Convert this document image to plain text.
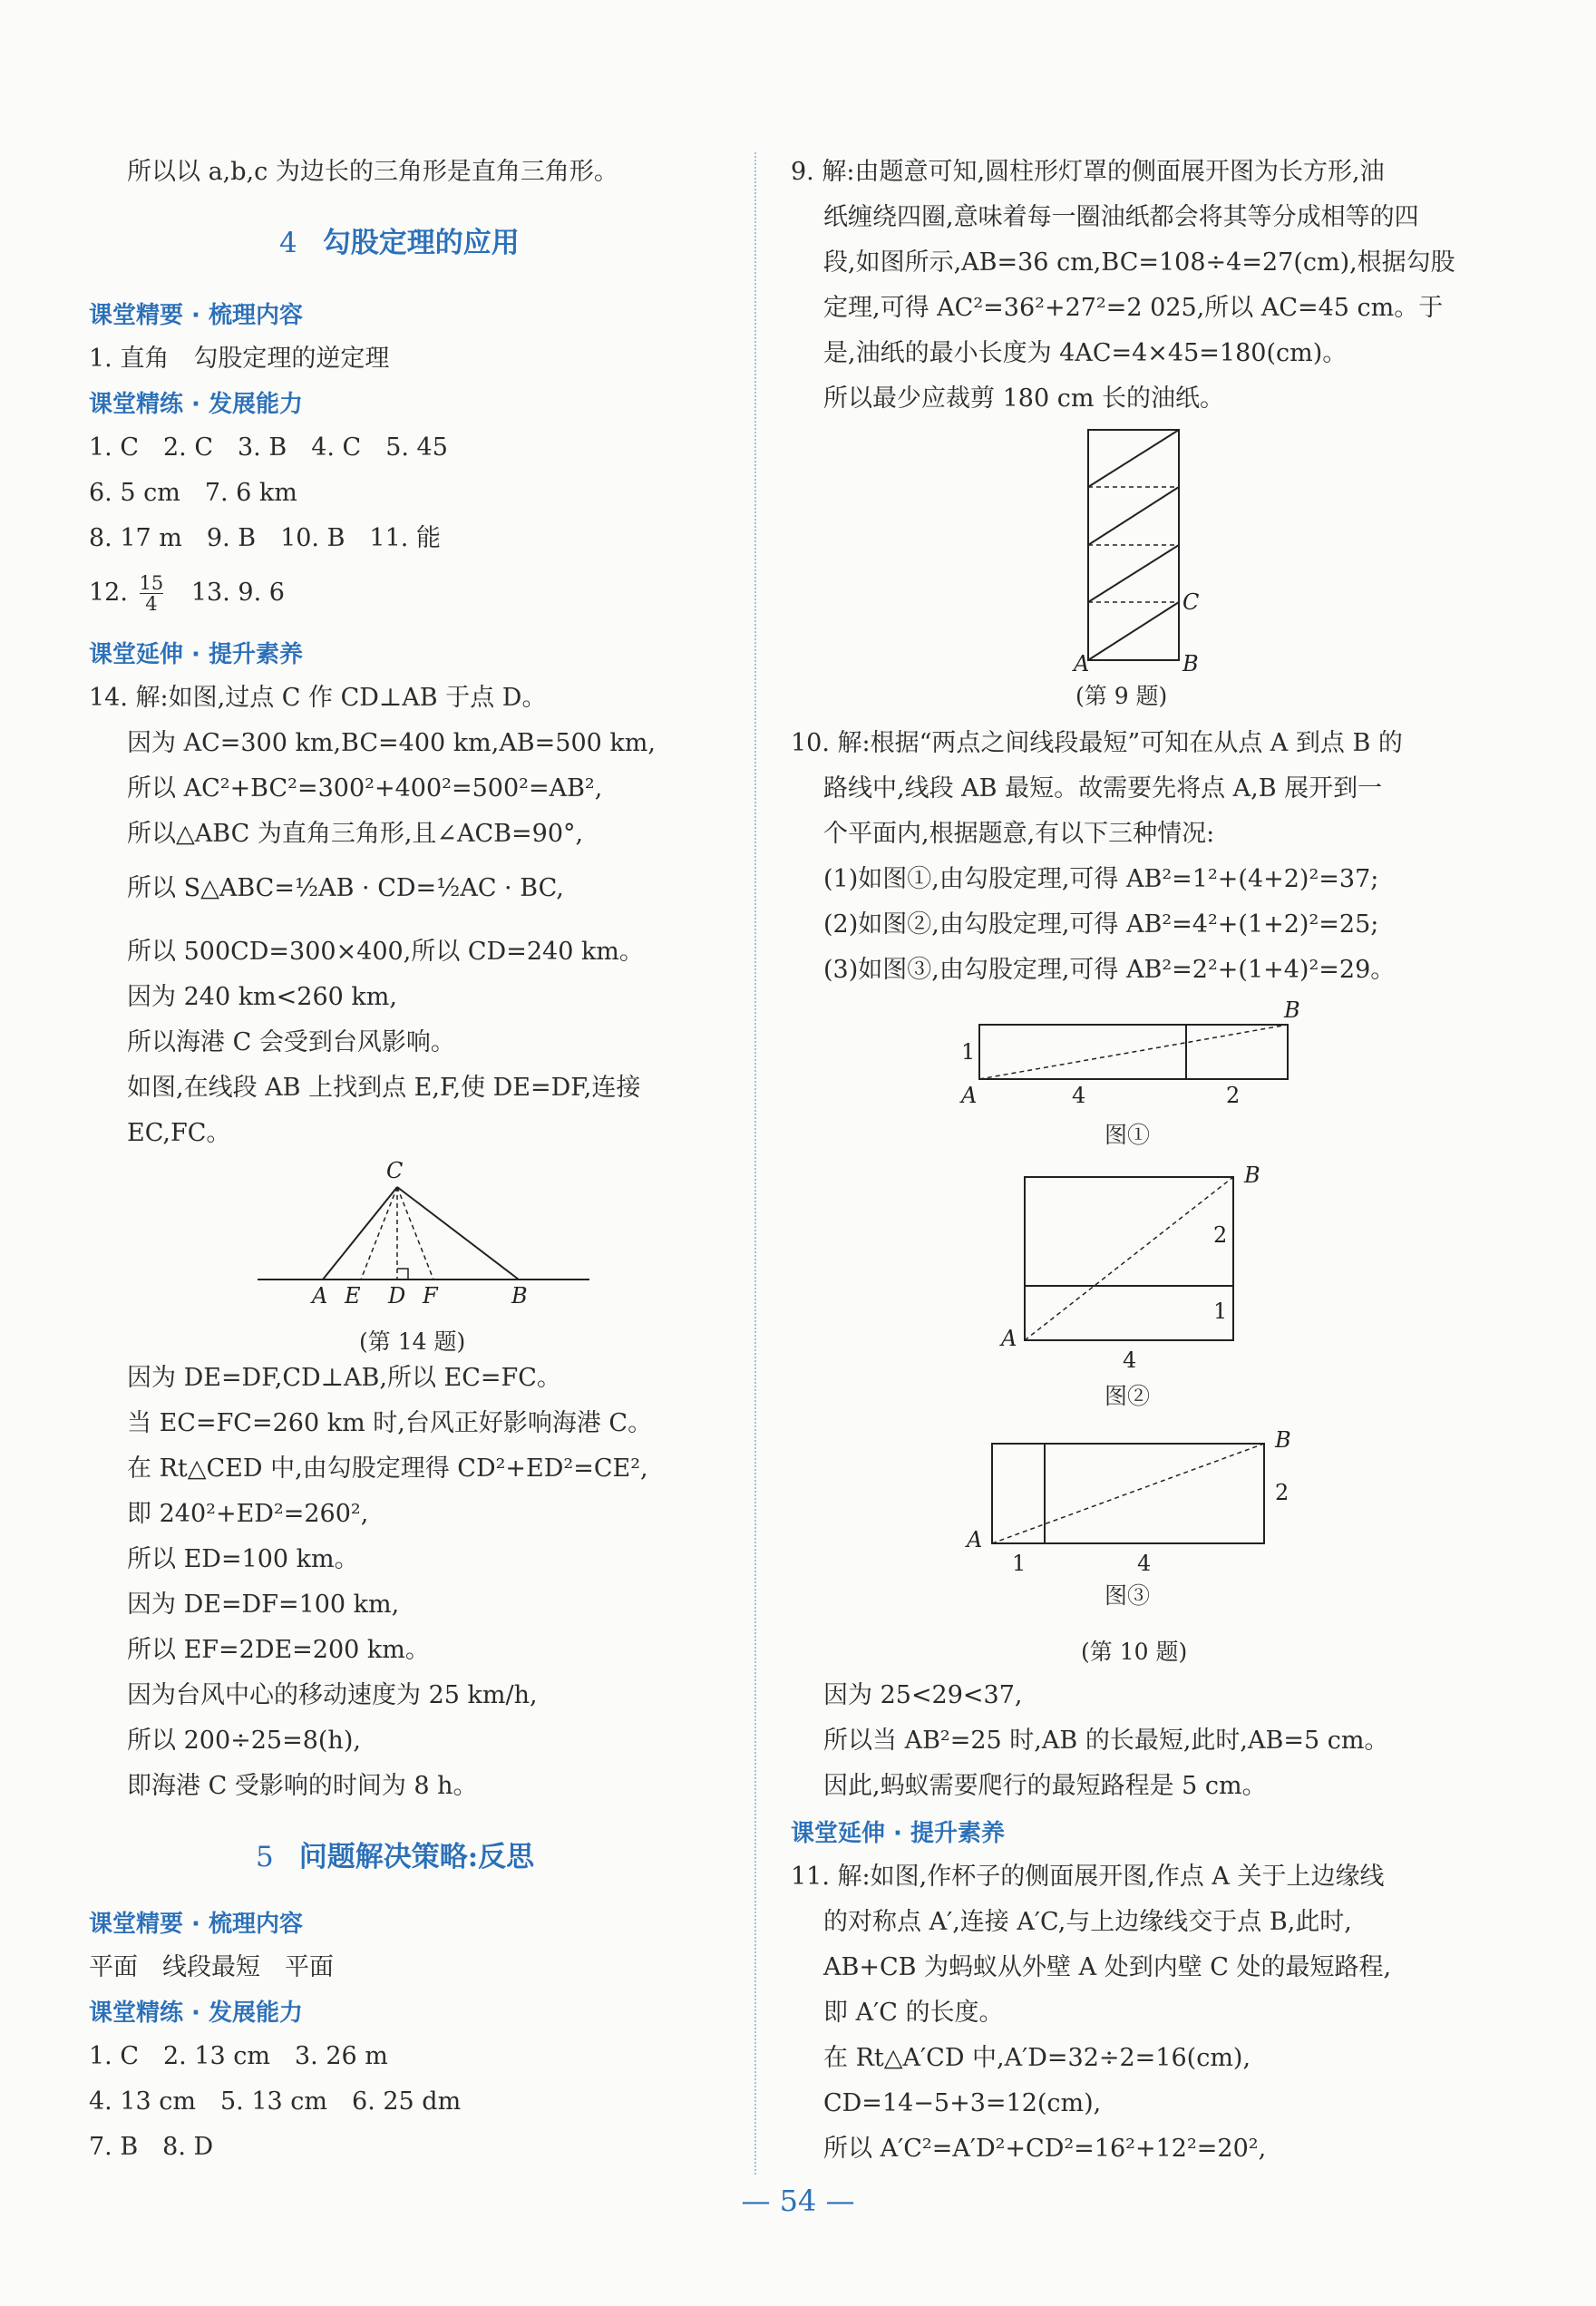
所以以 a,b,c 为边长的三角形是直角三角形。
4 勾股定理的应用
课堂精要 · 梳理内容
1. 直角　勾股定理的逆定理
课堂精练 · 发展能力
1. C　2. C　3. B　4. C　5. 45
6. 5 cm　7. 6 km
8. 17 m　9. B　10. B　11. 能
12. $\frac{15}{4} 13$. 9. 6
课堂延伸 · 提升素养
14. 解:如图,过点 C 作 CD⊥AB 于点 D。
因为 AC=300 km,BC=400 km,AB=500 km,
所以 AC²+BC²=300²+400²=500²=AB²,
所以△ABC 为直角三角形,且∠ACB=90°,
所以 S△ABC=½AB · CD=½AC · BC,
所以 500CD=300×400,所以 CD=240 km。
因为 240 km<260 km,
所以海港 C 会受到台风影响。
如图,在线段 AB 上找到点 E,F,使 DE=DF,连接
EC,FC。
C
A E D F	B
(第 14 题)
因为 DE=DF,CD⊥AB,所以 EC=FC。
当 EC=FC=260 km 时,台风正好影响海港 C。
在 Rt△CED 中,由勾股定理得 CD²+ED²=CE²,
即 240²+ED²=260²,
所以 ED=100 km。
因为 DE=DF=100 km,
所以 EF=2DE=200 km。
因为台风中心的移动速度为 25 km/h,
所以 200÷25=8(h),
即海港 C 受影响的时间为 8 h。
5 问题解决策略:反思
课堂精要 · 梳理内容
平面　线段最短　平面
课堂精练 · 发展能力
1. C　2. 13 cm　3. 26 m
4. 13 cm　5. 13 cm　6. 25 dm
7. B　8. D
9. 解:由题意可知,圆柱形灯罩的侧面展开图为长方形,油
纸缠绕四圈,意味着每一圈油纸都会将其等分成相等的四
段,如图所示,AB=36 cm,BC=108÷4=27(cm),根据勾股
定理,可得 AC²=36²+27²=2 025,所以 AC=45 cm。于
是,油纸的最小长度为 4AC=4×45=180(cm)。
所以最少应裁剪 180 cm 长的油纸。
C
A	B
(第 9 题)
10. 解:根据“两点之间线段最短”可知在从点 A 到点 B 的
路线中,线段 AB 最短。故需要先将点 A,B 展开到一
个平面内,根据题意,有以下三种情况:
(1)如图①,由勾股定理,可得 AB²=1²+(4+2)²=37;
(2)如图②,由勾股定理,可得 AB²=4²+(1+2)²=25;
(3)如图③,由勾股定理,可得 AB²=2²+(1+4)²=29。
B
1
A	4	2
图①
B
2
1
A
4
图②
B
2
A
1	4
图③
(第 10 题)
因为 25<29<37,
所以当 AB²=25 时,AB 的长最短,此时,AB=5 cm。
因此,蚂蚁需要爬行的最短路程是 5 cm。
课堂延伸 · 提升素养
11. 解:如图,作杯子的侧面展开图,作点 A 关于上边缘线
的对称点 A′,连接 A′C,与上边缘线交于点 B,此时,
AB+CB 为蚂蚁从外壁 A 处到内壁 C 处的最短路程,
即 A′C 的长度。
在 Rt△A′CD 中,A′D=32÷2=16(cm),
CD=14−5+3=12(cm),
所以 A′C²=A′D²+CD²=16²+12²=20²,
— 54 —
